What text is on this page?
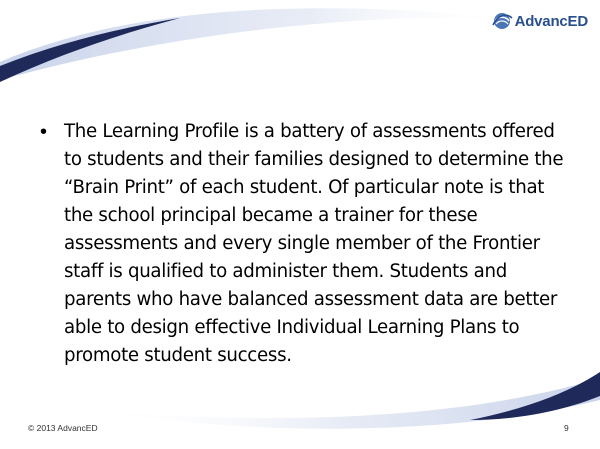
AdvancED
• The Learning Profile is a battery of assessments offered to students and their families designed to determine the “Brain Print” of each student. Of particular note is that the school principal became a trainer for these assessments and every single member of the Frontier staff is qualified to administer them. Students and parents who have balanced assessment data are better able to design effective Individual Learning Plans to promote student success.
© 2013 AdvancED	9
